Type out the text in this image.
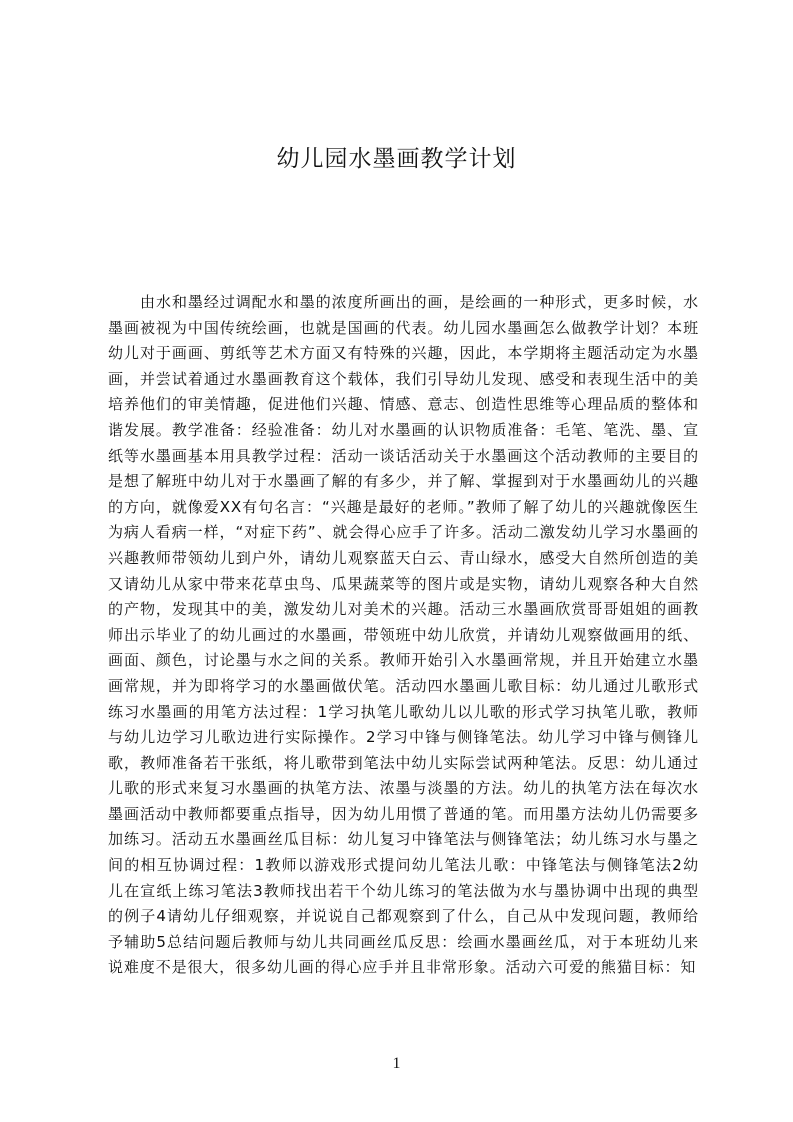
幼儿园水墨画教学计划

由水和墨经过调配水和墨的浓度所画出的画，是绘画的一种形式，更多时候，水墨画被视为中国传统绘画，也就是国画的代表。幼儿园水墨画怎么做教学计划？本班幼儿对于画画、剪纸等艺术方面又有特殊的兴趣，因此，本学期将主题活动定为水墨画，并尝试着通过水墨画教育这个载体，我们引导幼儿发现、感受和表现生活中的美培养他们的审美情趣，促进他们兴趣、情感、意志、创造性思维等心理品质的整体和谐发展。教学准备：经验准备：幼儿对水墨画的认识物质准备：毛笔、笔洗、墨、宣纸等水墨画基本用具教学过程：活动一谈话活动关于水墨画这个活动教师的主要目的是想了解班中幼儿对于水墨画了解的有多少，并了解、掌握到对于水墨画幼儿的兴趣的方向，就像爱XX有句名言：“兴趣是最好的老师。”教师了解了幼儿的兴趣就像医生为病人看病一样，“对症下药”、就会得心应手了许多。活动二激发幼儿学习水墨画的兴趣教师带领幼儿到户外，请幼儿观察蓝天白云、青山绿水，感受大自然所创造的美又请幼儿从家中带来花草虫鸟、瓜果蔬菜等的图片或是实物，请幼儿观察各种大自然的产物，发现其中的美，激发幼儿对美术的兴趣。活动三水墨画欣赏哥哥姐姐的画教师出示毕业了的幼儿画过的水墨画，带领班中幼儿欣赏，并请幼儿观察做画用的纸、画面、颜色，讨论墨与水之间的关系。教师开始引入水墨画常规，并且开始建立水墨画常规，并为即将学习的水墨画做伏笔。活动四水墨画儿歌目标：幼儿通过儿歌形式练习水墨画的用笔方法过程：1学习执笔儿歌幼儿以儿歌的形式学习执笔儿歌，教师与幼儿边学习儿歌边进行实际操作。2学习中锋与侧锋笔法。幼儿学习中锋与侧锋儿歌，教师准备若干张纸，将儿歌带到笔法中幼儿实际尝试两种笔法。反思：幼儿通过儿歌的形式来复习水墨画的执笔方法、浓墨与淡墨的方法。幼儿的执笔方法在每次水墨画活动中教师都要重点指导，因为幼儿用惯了普通的笔。而用墨方法幼儿仍需要多加练习。活动五水墨画丝瓜目标：幼儿复习中锋笔法与侧锋笔法；幼儿练习水与墨之间的相互协调过程：1教师以游戏形式提问幼儿笔法儿歌：中锋笔法与侧锋笔法2幼儿在宣纸上练习笔法3教师找出若干个幼儿练习的笔法做为水与墨协调中出现的典型的例子4请幼儿仔细观察，并说说自己都观察到了什么，自己从中发现问题，教师给予辅助5总结问题后教师与幼儿共同画丝瓜反思：绘画水墨画丝瓜，对于本班幼儿来说难度不是很大，很多幼儿画的得心应手并且非常形象。活动六可爱的熊猫目标：知

1
